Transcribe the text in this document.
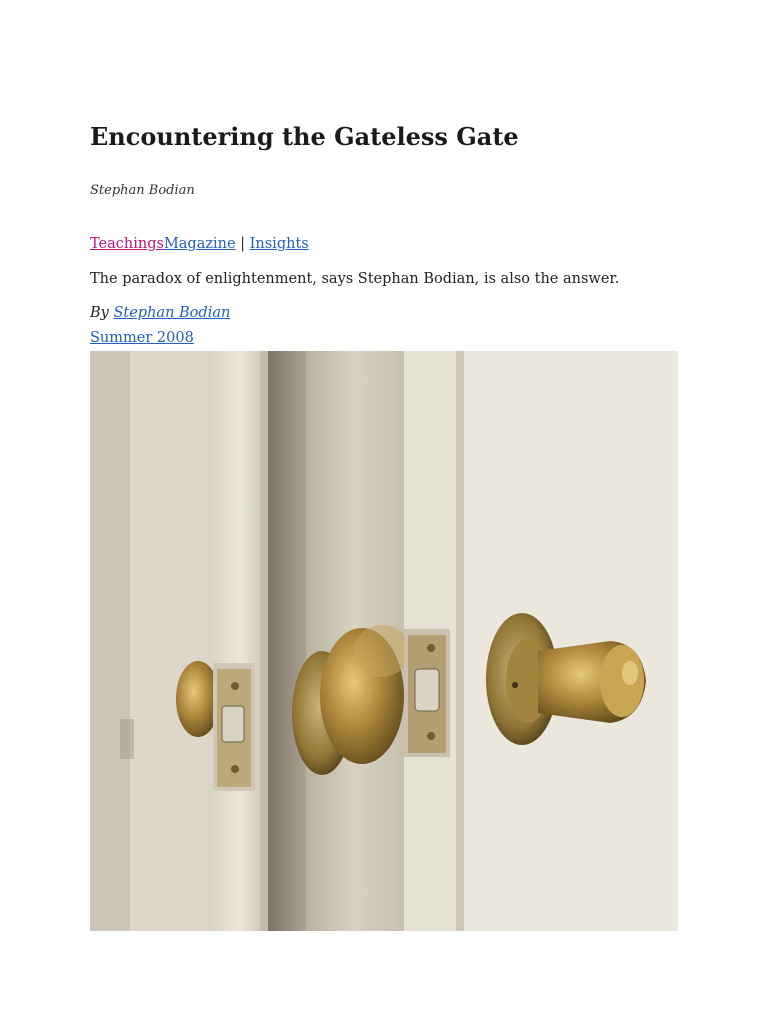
Encountering the Gateless Gate
Stephan Bodian
TeachingsMagazine | Insights
The paradox of enlightenment, says Stephan Bodian, is also the answer.
By Stephan Bodian
Summer 2008
